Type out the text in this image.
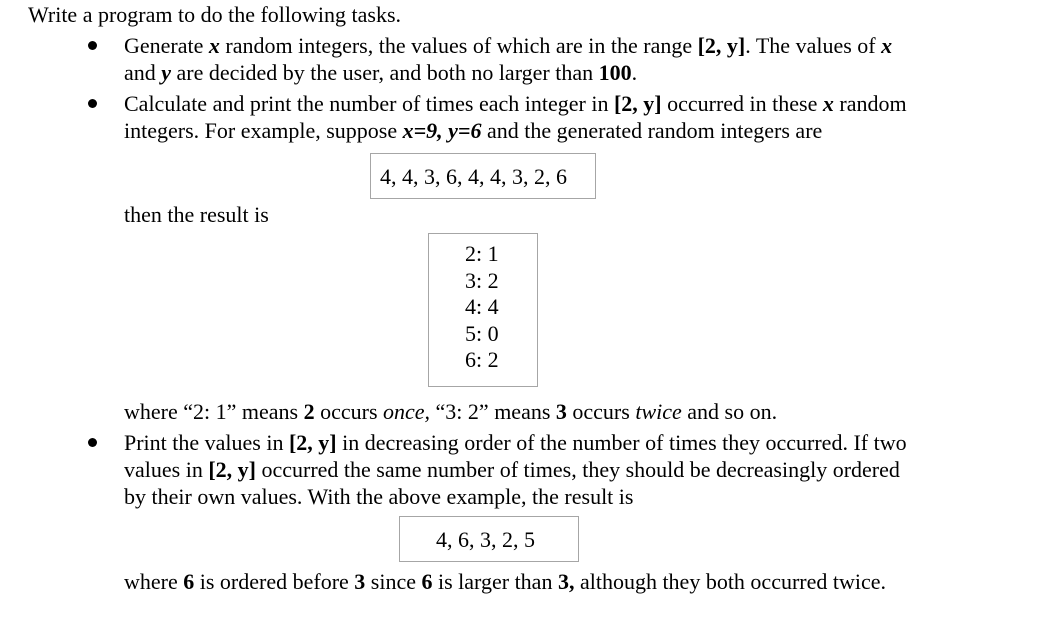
Write a program to do the following tasks.
Generate x random integers, the values of which are in the range [2, y]. The values of x
and y are decided by the user, and both no larger than 100.
Calculate and print the number of times each integer in [2, y] occurred in these x random
integers. For example, suppose x=9, y=6 and the generated random integers are
4, 4, 3, 6, 4, 4, 3, 2, 6
then the result is
2: 1
3: 2
4: 4
5: 0
6: 2
where “2: 1” means 2 occurs once, “3: 2” means 3 occurs twice and so on.
Print the values in [2, y] in decreasing order of the number of times they occurred. If two
values in [2, y] occurred the same number of times, they should be decreasingly ordered
by their own values. With the above example, the result is
4, 6, 3, 2, 5
where 6 is ordered before 3 since 6 is larger than 3, although they both occurred twice.
